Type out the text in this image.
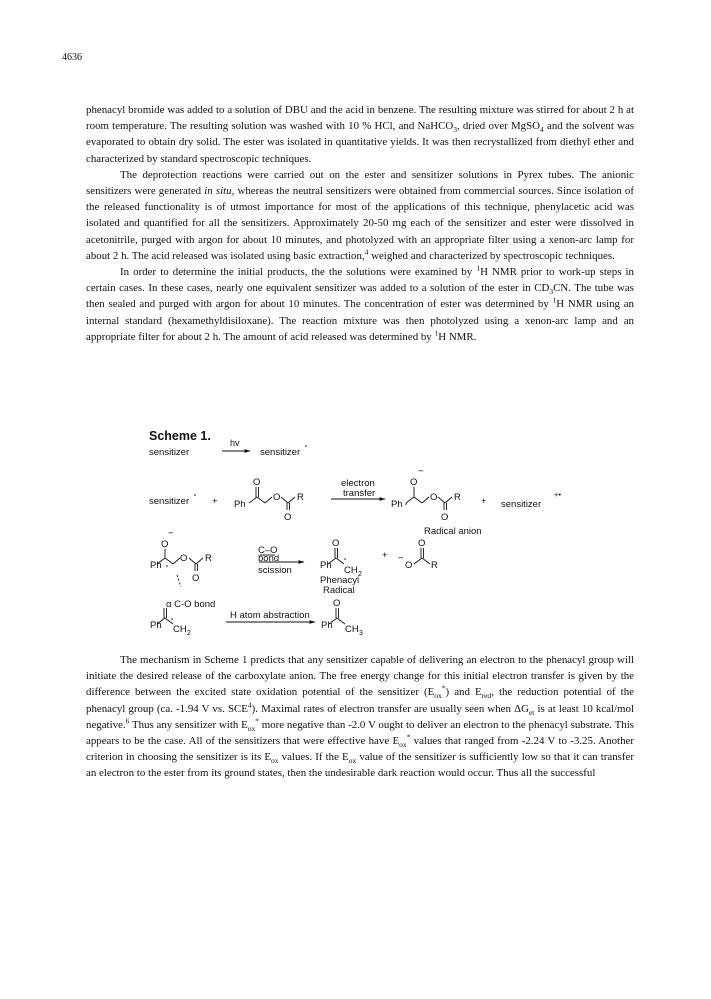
4636

phenacyl bromide was added to a solution of DBU and the acid in benzene. The resulting mixture was stirred for about 2 h at room temperature. The resulting solution was washed with 10 % HCl, and NaHCO$_3$, dried over MgSO$_4$ and the solvent was evaporated to obtain dry solid. The ester was isolated in quantitative yields. It was then recrystallized from diethyl ether and characterized by standard spectroscopic techniques.

The deprotection reactions were carried out on the ester and sensitizer solutions in Pyrex tubes. The anionic sensitizers were generated in situ, whereas the neutral sensitizers were obtained from commercial sources. Since isolation of the released functionality is of utmost importance for most of the applications of this technique, phenylacetic acid was isolated and quantified for all the sensitizers. Approximately 20-50 mg each of the sensitizer and ester were dissolved in acetonitrile, purged with argon for about 10 minutes, and photolyzed with an appropriate filter using a xenon-arc lamp for about 2 h. The acid released was isolated using basic extraction,$^4$ weighed and characterized by spectroscopic techniques.

In order to determine the initial products, the the solutions were examined by $^1$H NMR prior to work-up steps in certain cases. In these cases, nearly one equivalent sensitizer was added to a solution of the ester in $CD_3CN$. The tube was then sealed and purged with argon for about 10 minutes. The concentration of ester was determined by $^1$H NMR using an internal standard (hexamethyldisiloxane). The reaction mixture was then photolyzed using a xenon-arc lamp and an appropriate filter for about 2 h. The amount of acid released was determined by $^1$H NMR.

Scheme 1.
sensitizer
hv
sensitizer
sensitizer + Ph
O
O R
O
electron
transfer
Ph
O
−
O R
O
+ sensitizer
+•
Radical anion
Ph
O
−
O R
O
α C-O bond
C–O
bond
scission	Ph
O
CH 2
Phenacyl
Radical
+ −
O
O
R
Ph CH 2
H atom abstraction
Ph
O
CH 3

The mechanism in Scheme 1 predicts that any sensitizer capable of delivering an electron to the phenacyl group will initiate the desired release of the carboxylate anion. The free energy change for this initial electron transfer is given by the difference between the excited state oxidation potential of the sensitizer $(E_{ox}^*)$ and $E_{red}$, the reduction potential of the phenacyl group (ca. -1.94 V vs. SCE$^4$). Maximal rates of electron transfer are usually seen when $\Delta G_{et}$ is at least 10 kcal/mol negative.$^6$ Thus any sensitizer with $E_{ox}^*$ more negative than -2.0 V ought to deliver an electron to the phenacyl substrate. This appears to be the case. All of the sensitizers that were effective have $E_{ox}^*$ values that ranged from -2.24 V to -3.25. Another criterion in choosing the sensitizer is its $E_{ox}$ values. If the $E_{ox}$ value of the sensitizer is sufficiently low so that it can transfer an electron to the ester from its ground states, then the undesirable dark reaction would occur. Thus all the successful
